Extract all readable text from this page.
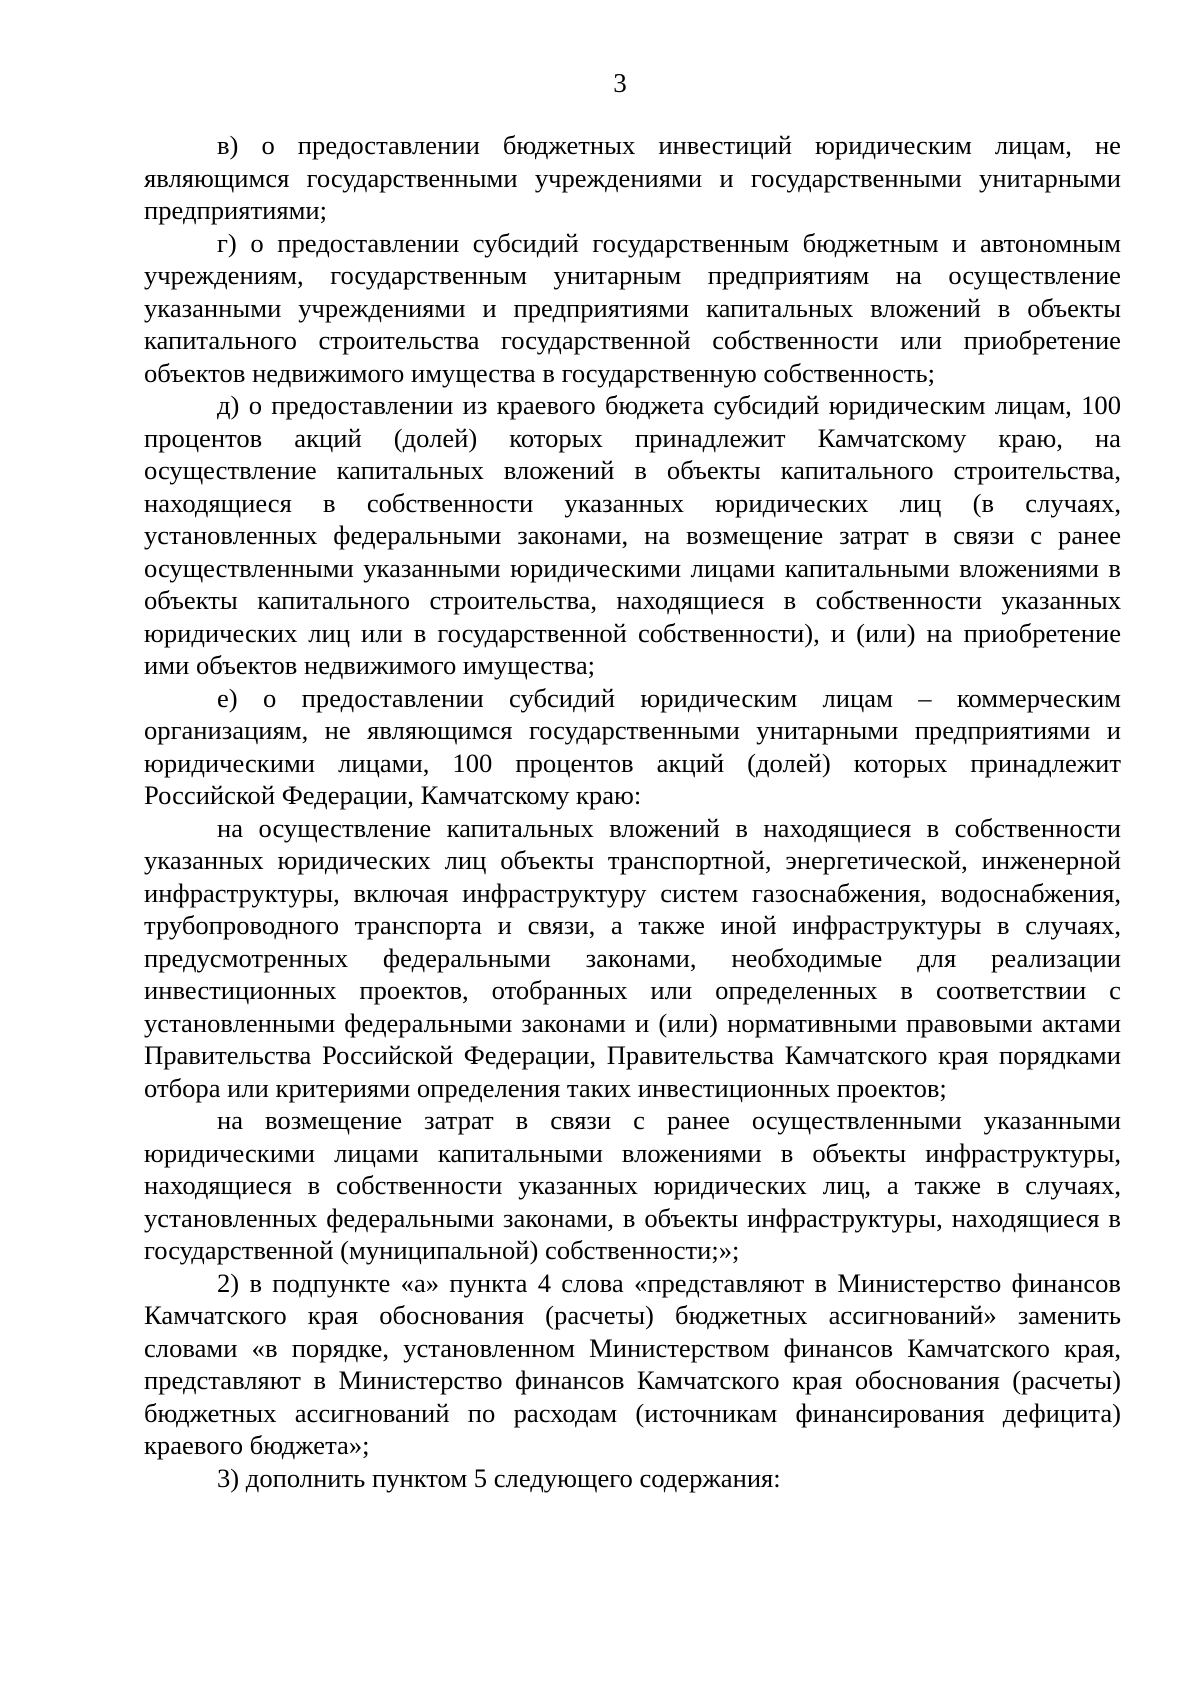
3

в) о предоставлении бюджетных инвестиций юридическим лицам, не являющимся государственными учреждениями и государственными унитарными предприятиями;

г) о предоставлении субсидий государственным бюджетным и автономным учреждениям, государственным унитарным предприятиям на осуществление указанными учреждениями и предприятиями капитальных вложений в объекты капитального строительства государственной собственности или приобретение объектов недвижимого имущества в государственную собственность;

д) о предоставлении из краевого бюджета субсидий юридическим лицам, 100 процентов акций (долей) которых принадлежит Камчатскому краю, на осуществление капитальных вложений в объекты капитального строительства, находящиеся в собственности указанных юридических лиц (в случаях, установленных федеральными законами, на возмещение затрат в связи с ранее осуществленными указанными юридическими лицами капитальными вложениями в объекты капитального строительства, находящиеся в собственности указанных юридических лиц или в государственной собственности), и (или) на приобретение ими объектов недвижимого имущества;

е) о предоставлении субсидий юридическим лицам – коммерческим организациям, не являющимся государственными унитарными предприятиями и юридическими лицами, 100 процентов акций (долей) которых принадлежит Российской Федерации, Камчатскому краю:

на осуществление капитальных вложений в находящиеся в собственности указанных юридических лиц объекты транспортной, энергетической, инженерной инфраструктуры, включая инфраструктуру систем газоснабжения, водоснабжения, трубопроводного транспорта и связи, а также иной инфраструктуры в случаях, предусмотренных федеральными законами, необходимые для реализации инвестиционных проектов, отобранных или определенных в соответствии с установленными федеральными законами и (или) нормативными правовыми актами Правительства Российской Федерации, Правительства Камчатского края порядками отбора или критериями определения таких инвестиционных проектов;

на возмещение затрат в связи с ранее осуществленными указанными юридическими лицами капитальными вложениями в объекты инфраструктуры, находящиеся в собственности указанных юридических лиц, а также в случаях, установленных федеральными законами, в объекты инфраструктуры, находящиеся в государственной (муниципальной) собственности;»;

2) в подпункте «а» пункта 4 слова «представляют в Министерство финансов Камчатского края обоснования (расчеты) бюджетных ассигнований» заменить словами «в порядке, установленном Министерством финансов Камчатского края, представляют в Министерство финансов Камчатского края обоснования (расчеты) бюджетных ассигнований по расходам (источникам финансирования дефицита) краевого бюджета»;

3) дополнить пунктом 5 следующего содержания:
